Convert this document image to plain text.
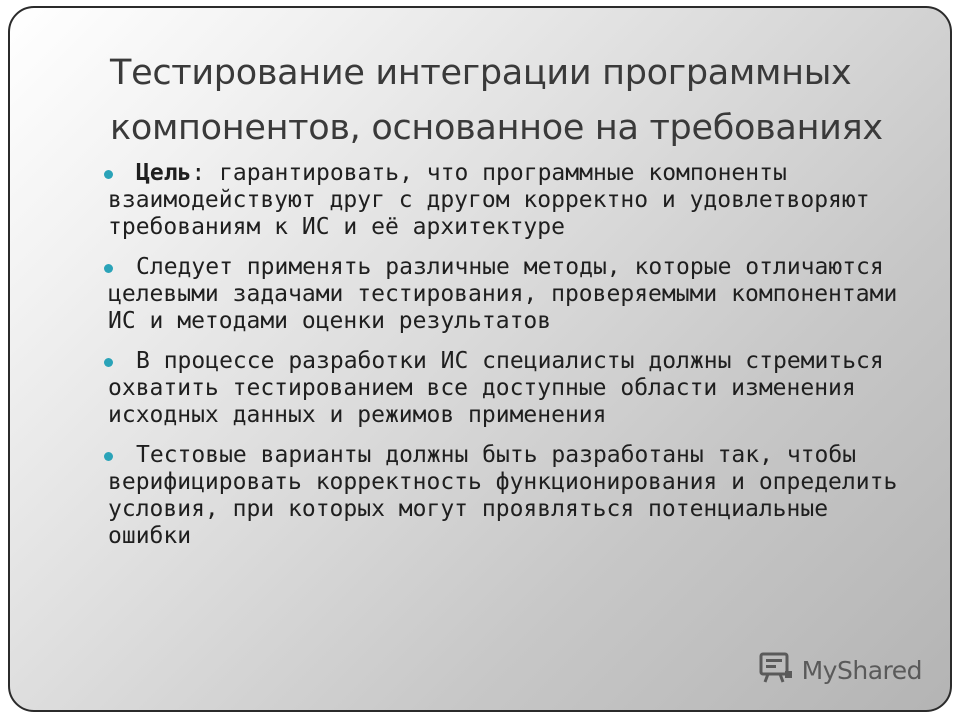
Тестирование интеграции программных
компонентов, основанное на требованиях
Цель: гарантировать, что программные компоненты взаимодействуют друг с другом корректно и удовлетворяют требованиям к ИС и её архитектуре
Следует применять различные методы, которые отличаются целевыми задачами тестирования, проверяемыми компонентами ИС и методами оценки результатов
В процессе разработки ИС специалисты должны стремиться охватить тестированием все доступные области изменения исходных данных и режимов применения
Тестовые варианты должны быть разработаны так, чтобы верифицировать корректность функционирования и определить условия, при которых могут проявляться потенциальные ошибки
MyShared
